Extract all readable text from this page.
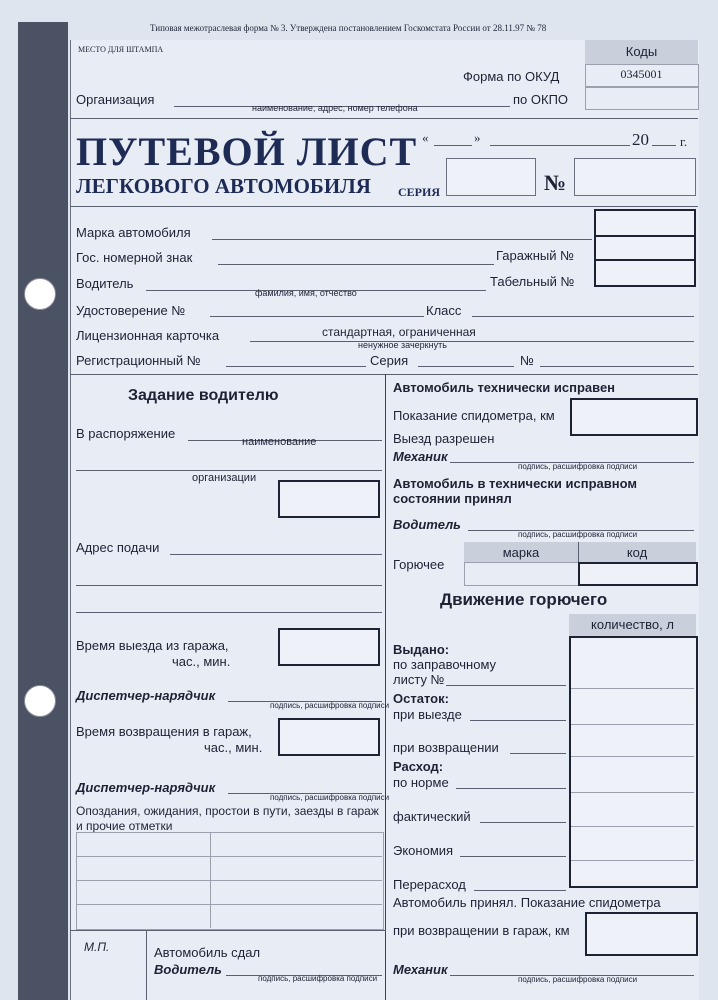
Типовая межотраслевая форма № 3. Утверждена постановлением Госкомстата России от 28.11.97 № 78
МЕСТО ДЛЯ ШТАМПА	Коды
0345001
Форма по ОКУД
по ОКПО
Организация
наименование, адрес, номер телефона
ПУТЕВОЙ ЛИСТ
ЛЕГКОВОГО АВТОМОБИЛЯ СЕРИЯ	№
«	»	20 г.
Марка автомобиля
Гос. номерной знак	Гаражный №
Водитель
фамилия, имя, отчество
Табельный №
Удостоверение №	Класс
Лицензионная карточка	стандартная, ограниченная
ненужное зачеркнуть
Регистрационный №	Серия	№
Задание водителю
В распоряжение
наименование
организации
Адрес подачи
Время выезда из гаража,
час., мин.
Диспетчер-нарядчик
подпись, расшифровка подписи
Время возвращения в гараж,
час., мин.
Диспетчер-нарядчик
подпись, расшифровка подписи
Опоздания, ожидания, простои в пути, заезды в гараж
и прочие отметки
М.П.	Автомобиль сдал
Водитель
подпись, расшифровка подписи
Автомобиль технически исправен
Показание спидометра, км
Выезд разрешен
Механик
подпись, расшифровка подписи
Автомобиль в технически исправном
состоянии принял
Водитель
подпись, расшифровка подписи
марка	код
Горючее
Движение горючего
количество, л
Выдано:
по заправочному
листу №
Остаток:
при выезде
при возвращении
Расход:
по норме
фактический
Экономия
Перерасход
Автомобиль принял. Показание спидометра
при возвращении в гараж, км
Механик
подпись, расшифровка подписи
